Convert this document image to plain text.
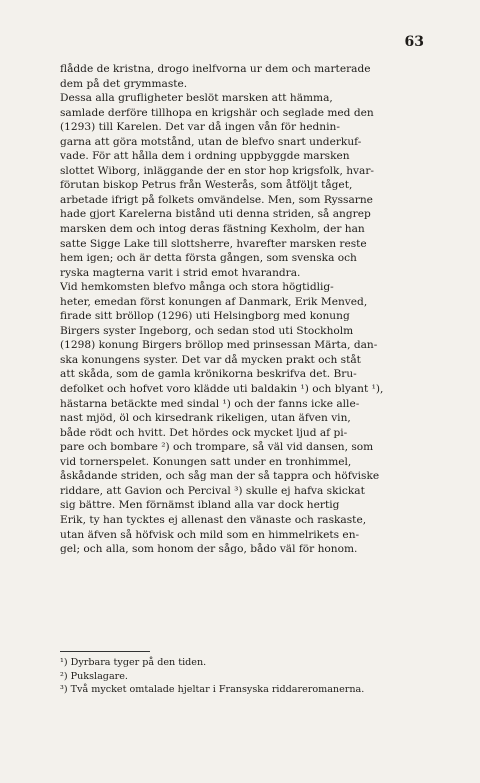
63
flådde de kristna, drogo inelfvorna ur dem och marterade
dem på det grymmaste.
Dessa alla grufligheter beslöt marsken att hämma,
samlade derföre tillhopa en krigshär och seglade med den
(1293) till Karelen. Det var då ingen vån för hednin-
garna att göra motstånd, utan de blefvo snart underkuf-
vade. För att hålla dem i ordning uppbyggde marsken
slottet Wiborg, inläggande der en stor hop krigsfolk, hvar-
förutan biskop Petrus från Westerås, som åtföljt tåget,
arbetade ifrigt på folkets omvändelse. Men, som Ryssarne
hade gjort Karelerna bistånd uti denna striden, så angrep
marsken dem och intog deras fästning Kexholm, der han
satte Sigge Lake till slottsherre, hvarefter marsken reste
hem igen; och är detta första gången, som svenska och
ryska magterna varit i strid emot hvarandra.
Vid hemkomsten blefvo många och stora högtidlig-
heter, emedan först konungen af Danmark, Erik Menved,
firade sitt bröllop (1296) uti Helsingborg med konung
Birgers syster Ingeborg, och sedan stod uti Stockholm
(1298) konung Birgers bröllop med prinsessan Märta, dan-
ska konungens syster. Det var då mycken prakt och ståt
att skåda, som de gamla krönikorna beskrifva det. Bru-
defolket och hofvet voro klädde uti baldakin ¹) och blyant ¹),
hästarna betäckte med sindal ¹) och der fanns icke alle-
nast mjöd, öl och kirsedrank rikeligen, utan äfven vin,
både rödt och hvitt. Det hördes ock mycket ljud af pi-
pare och bombare ²) och trompare, så väl vid dansen, som
vid tornerspelet. Konungen satt under en tronhimmel,
åskådande striden, och såg man der så tappra och höfviske
riddare, att Gavion och Percival ³) skulle ej hafva skickat
sig bättre. Men förnämst ibland alla var dock hertig
Erik, ty han tycktes ej allenast den vänaste och raskaste,
utan äfven så höfvisk och mild som en himmelrikets en-
gel; och alla, som honom der sågo, bådo väl för honom.
¹) Dyrbara tyger på den tiden.
²) Pukslagare.
³) Två mycket omtalade hjeltar i Fransyska riddareromanerna.
